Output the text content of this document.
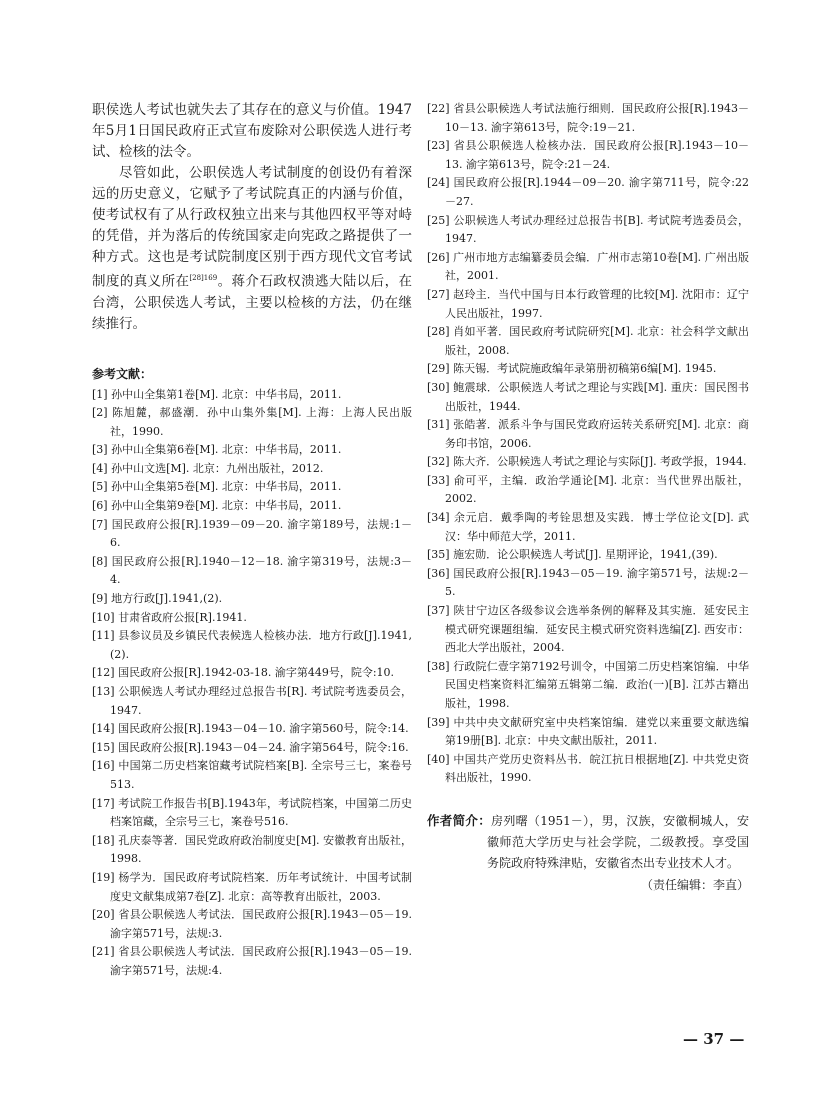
职侯选人考试也就失去了其存在的意义与价值。1947年5月1日国民政府正式宣布废除对公职侯选人进行考试、检核的法令。

尽管如此，公职侯选人考试制度的创设仍有着深远的历史意义，它赋予了考试院真正的内涵与价值，使考试权有了从行政权独立出来与其他四权平等对峙的凭借，并为落后的传统国家走向宪政之路提供了一种方式。这也是考试院制度区别于西方现代文官考试制度的真义所在$^{[28]169}$。蒋介石政权溃逃大陆以后，在台湾，公职侯选人考试，主要以检核的方法，仍在继续推行。

参考文献：

[1] 孙中山全集第1卷[M]. 北京：中华书局，2011.

[2] 陈旭麓，郝盛潮．孙中山集外集[M]. 上海：上海人民出版社，1990.

[3] 孙中山全集第6卷[M]. 北京：中华书局，2011.

[4] 孙中山文选[M]. 北京：九州出版社，2012.

[5] 孙中山全集第5卷[M]. 北京：中华书局，2011.

[6] 孙中山全集第9卷[M]. 北京：中华书局，2011.

[7] 国民政府公报[R].1939－09－20. 渝字第189号，法规:1－6.

[8] 国民政府公报[R].1940－12－18. 渝字第319号，法规:3－4.

[9] 地方行政[J].1941,(2).

[10] 甘肃省政府公报[R].1941.

[11] 县参议员及乡镇民代表候选人检核办法．地方行政[J].1941,(2).

[12] 国民政府公报[R].1942-03-18. 渝字第449号，院令:10.

[13] 公职候选人考试办理经过总报告书[R]. 考试院考选委员会，1947.

[14] 国民政府公报[R].1943－04－10. 渝字第560号，院令:14.

[15] 国民政府公报[R].1943－04－24. 渝字第564号，院令:16.

[16] 中国第二历史档案馆藏考试院档案[B]. 全宗号三七，案卷号513.

[17] 考试院工作报告书[B].1943年，考试院档案，中国第二历史档案馆藏，全宗号三七，案卷号516.

[18] 孔庆泰等著．国民党政府政治制度史[M]. 安徽教育出版社，1998.

[19] 杨学为．国民政府考试院档案．历年考试统计．中国考试制度史文献集成第7卷[Z]. 北京：高等教育出版社，2003.

[20] 省县公职候选人考试法．国民政府公报[R].1943－05－19. 渝字第571号，法规:3.

[21] 省县公职候选人考试法．国民政府公报[R].1943－05－19. 渝字第571号，法规:4.

[22] 省县公职候选人考试法施行细则．国民政府公报[R].1943－10－13. 渝字第613号，院令:19－21.

[23] 省县公职候选人检核办法．国民政府公报[R].1943－10－13. 渝字第613号，院令:21－24.

[24] 国民政府公报[R].1944－09－20. 渝字第711号，院令:22－27.

[25] 公职候选人考试办理经过总报告书[B]. 考试院考选委员会，1947.

[26] 广州市地方志编纂委员会编．广州市志第10卷[M]. 广州出版社，2001.

[27] 赵玲主．当代中国与日本行政管理的比较[M]. 沈阳市：辽宁人民出版社，1997.

[28] 肖如平著．国民政府考试院研究[M]. 北京：社会科学文献出版社，2008.

[29] 陈天锡．考试院施政编年录第册初稿第6编[M]. 1945.

[30] 鲍震球．公职候选人考试之理论与实践[M]. 重庆：国民图书出版社，1944.

[31] 张皓著．派系斗争与国民党政府运转关系研究[M]. 北京：商务印书馆，2006.

[32] 陈大齐．公职候选人考试之理论与实际[J]. 考政学报，1944.

[33] 俞可平，主编．政治学通论[M]. 北京：当代世界出版社，2002.

[34] 余元启．戴季陶的考铨思想及实践．博士学位论文[D]. 武汉：华中师范大学，2011.

[35] 施宏勋．论公职候选人考试[J]. 星期评论，1941,(39).

[36] 国民政府公报[R].1943－05－19. 渝字第571号，法规:2－5.

[37] 陕甘宁边区各级参议会选举条例的解释及其实施．延安民主模式研究课题组编．延安民主模式研究资料选编[Z]. 西安市：西北大学出版社，2004.

[38] 行政院仁壹字第7192号训令，中国第二历史档案馆编．中华民国史档案资料汇编第五辑第二编．政治(一)[B]. 江苏古籍出版社，1998.

[39] 中共中央文献研究室中央档案馆编．建党以来重要文献选编第19册[B]. 北京：中央文献出版社，2011.

[40] 中国共产党历史资料丛书．皖江抗日根据地[Z]. 中共党史资料出版社，1990.

作者简介：房列曙（1951－），男，汉族，安徽桐城人，安徽师范大学历史与社会学院，二级教授。享受国务院政府特殊津贴，安徽省杰出专业技术人才。
（责任编辑：李直）
— 37 —
